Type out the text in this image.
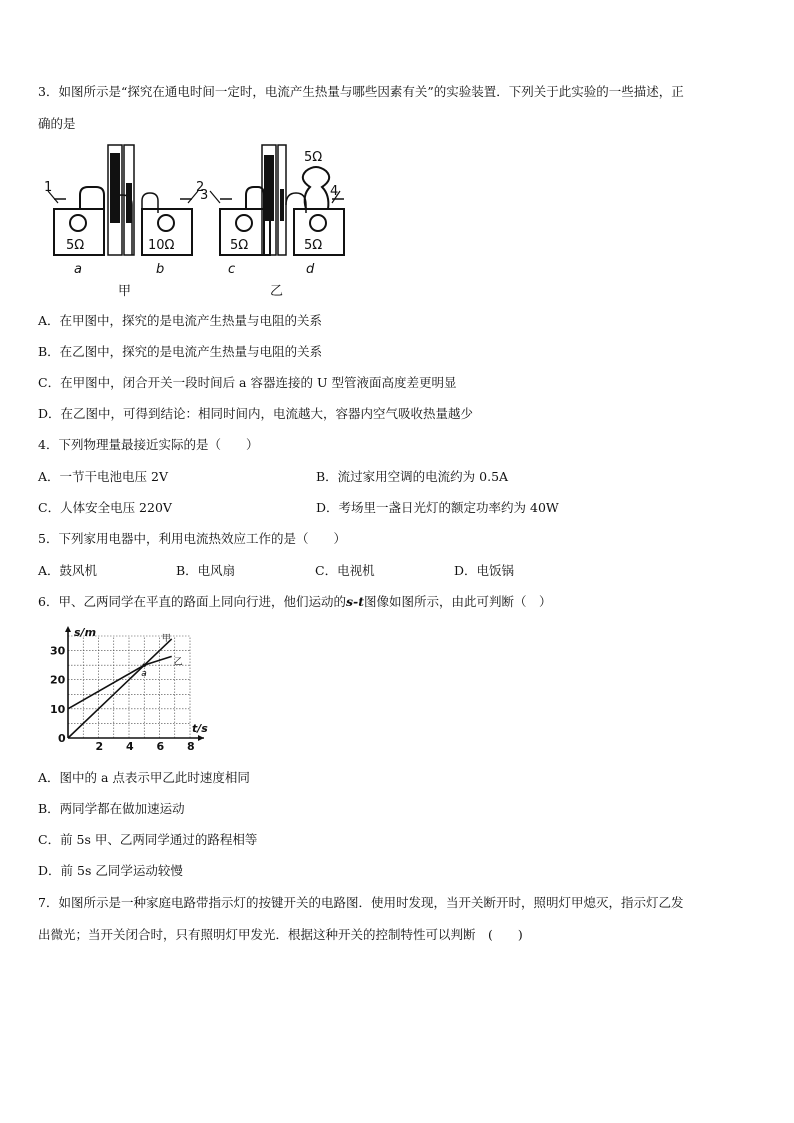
3．如图所示是“探究在通电时间一定时，电流产生热量与哪些因素有关”的实验装置．下列关于此实验的一些描述，正
确的是
1	2
5Ω	10Ω
a	b
甲
3	4
5Ω
5Ω	5Ω
c	d
乙
A．在甲图中，探究的是电流产生热量与电阻的关系
B．在乙图中，探究的是电流产生热量与电阻的关系
C．在甲图中，闭合开关一段时间后 a 容器连接的 U 型管液面高度差更明显
D．在乙图中，可得到结论：相同时间内，电流越大，容器内空气吸收热量越少
4．下列物理量最接近实际的是（　　）
A．一节干电池电压 2V	B．流过家用空调的电流约为 0.5A
C．人体安全电压 220V	D．考场里一盏日光灯的额定功率约为 40W
5．下列家用电器中，利用电流热效应工作的是（　　）
A．鼓风机	B．电风扇	C．电视机	D．电饭锅
6．甲、乙两同学在平直的路面上同向行进，他们运动的s-t图像如图所示，由此可判断（　）
s/m
t/s
2 4 6 8
0
10
20
30
甲
乙
a
A．图中的 a 点表示甲乙此时速度相同
B．两同学都在做加速运动
C．前 5s 甲、乙两同学通过的路程相等
D．前 5s 乙同学运动较慢
7．如图所示是一种家庭电路带指示灯的按键开关的电路图．使用时发现，当开关断开时，照明灯甲熄灭，指示灯乙发
出微光；当开关闭合时，只有照明灯甲发光．根据这种开关的控制特性可以判断　(　　)
